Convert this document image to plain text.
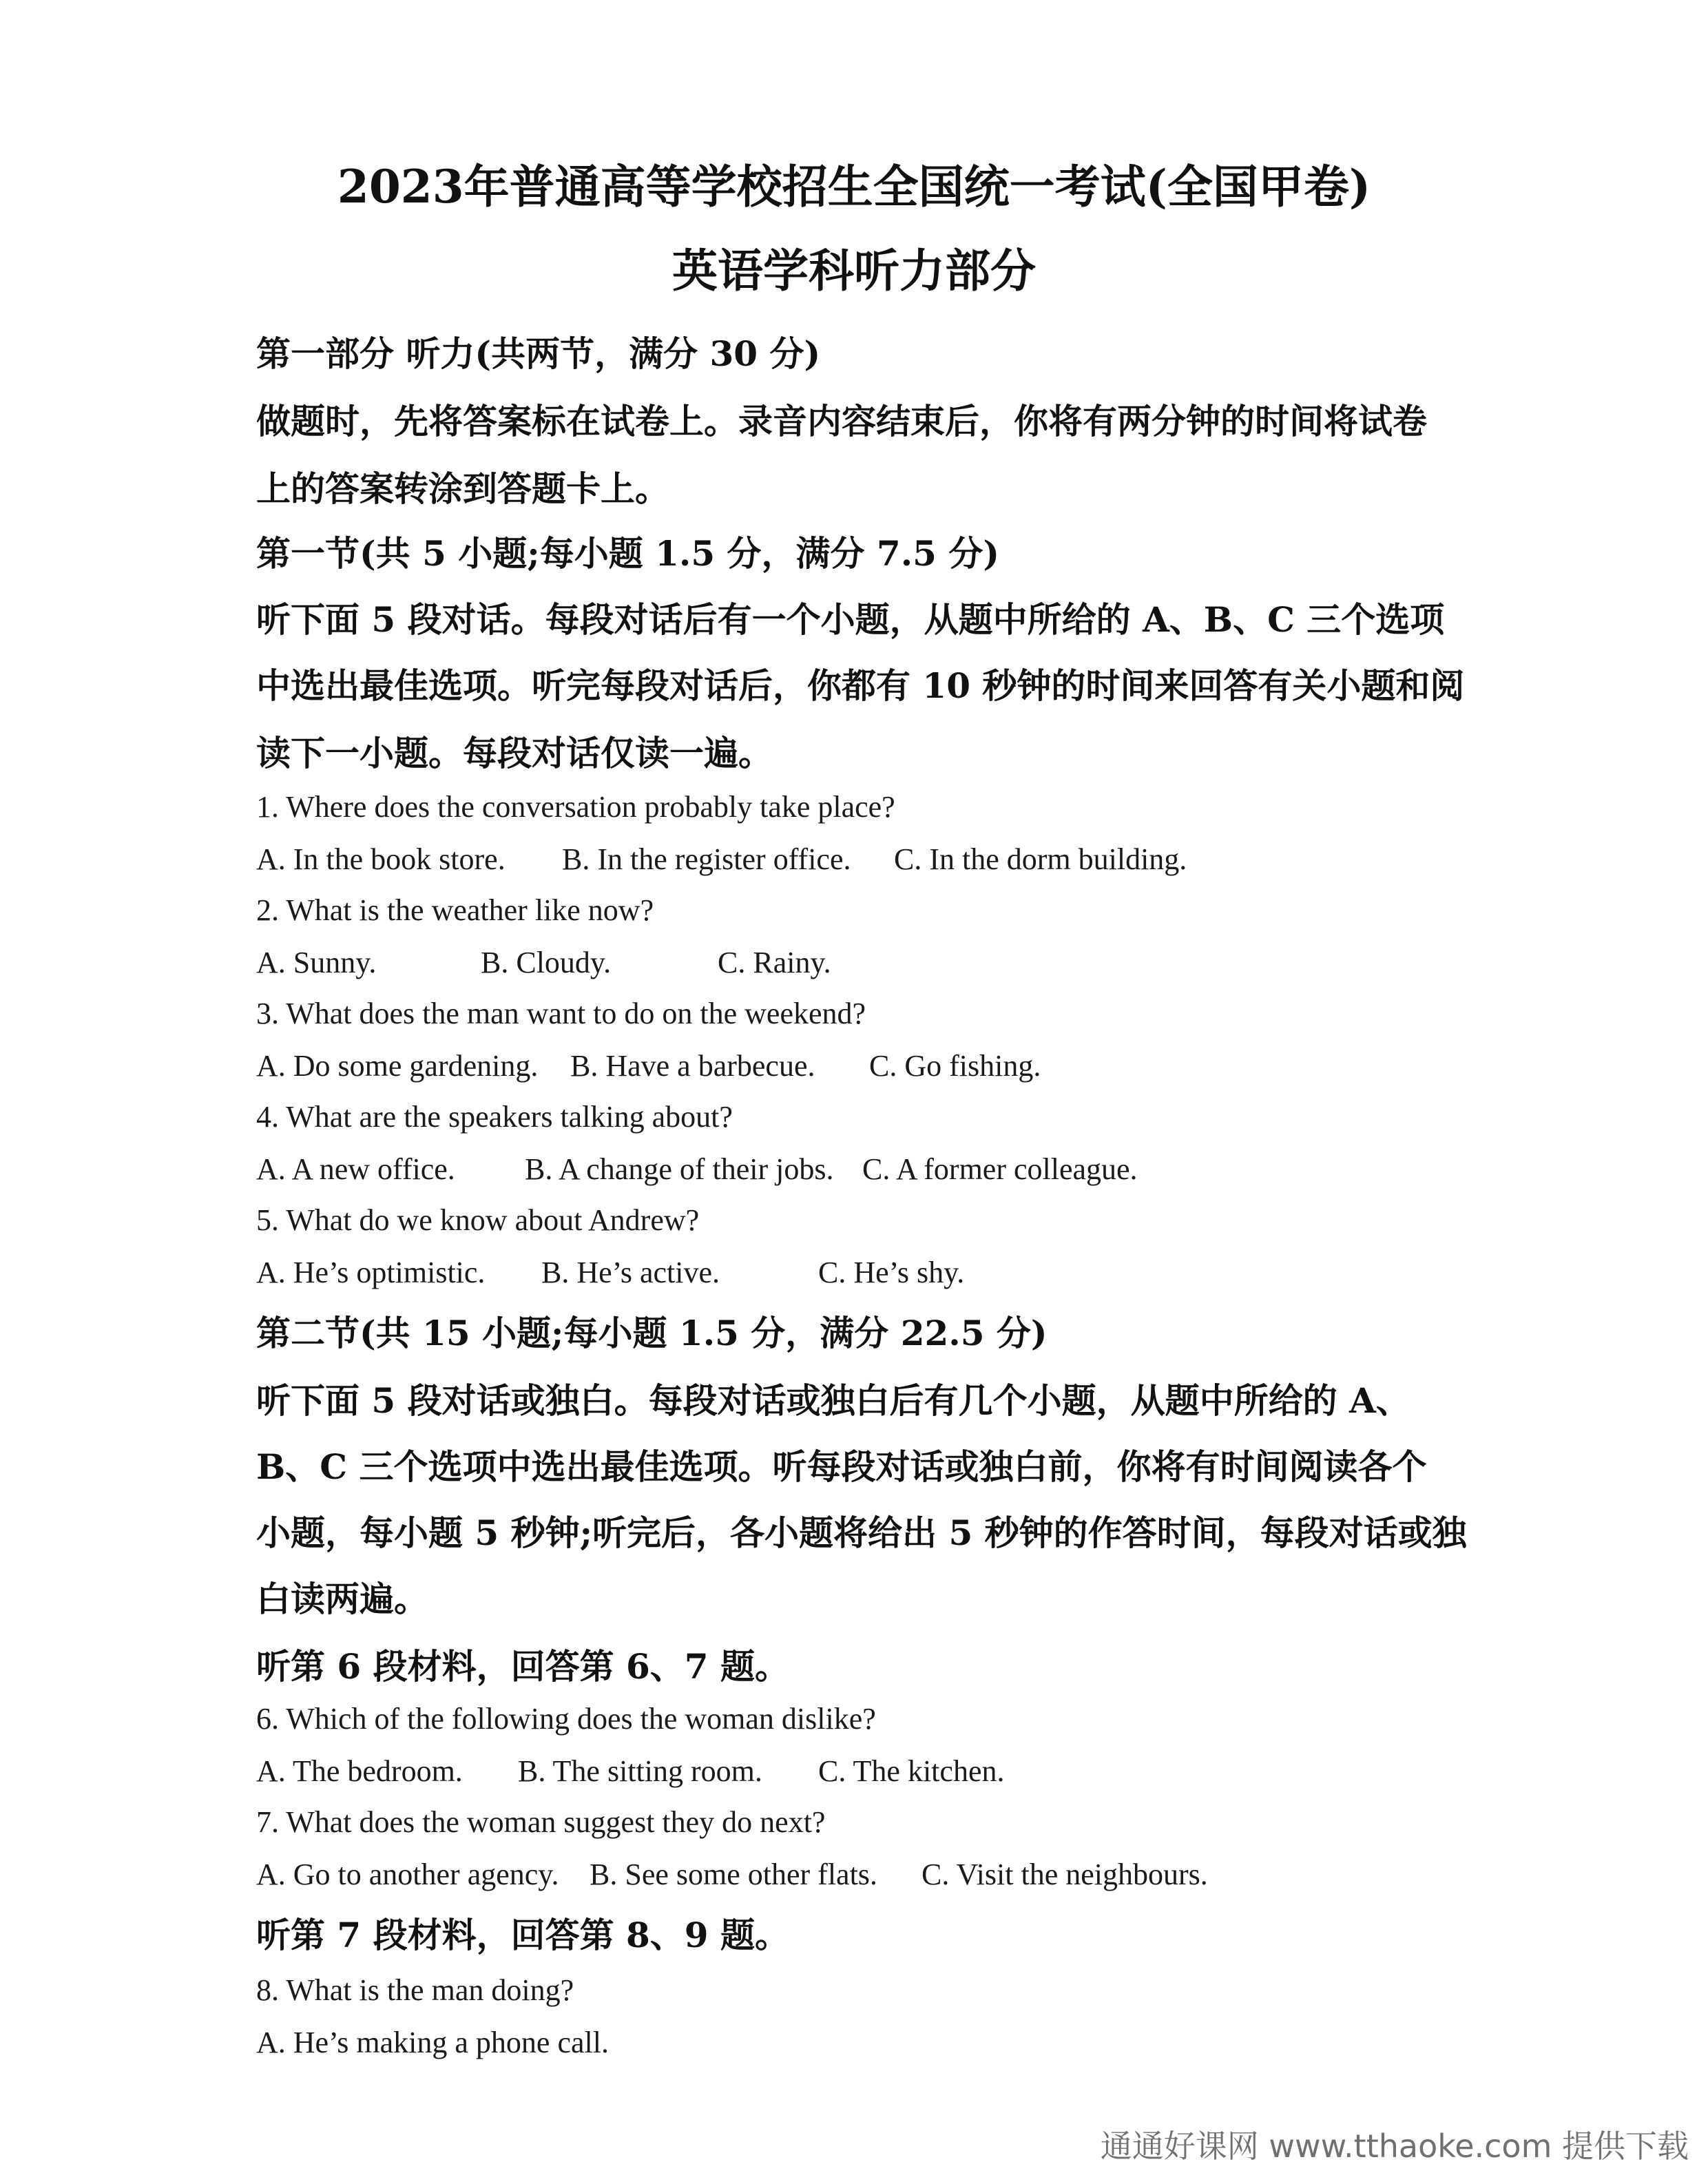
2023年普通高等学校招生全国统一考试(全国甲卷)
英语学科听力部分
第一部分 听力(共两节，满分 30 分)
做题时，先将答案标在试卷上。录音内容结束后，你将有两分钟的时间将试卷
上的答案转涂到答题卡上。
第一节(共 5 小题;每小题 1.5 分，满分 7.5 分)
听下面 5 段对话。每段对话后有一个小题，从题中所给的 A、B、C 三个选项
中选出最佳选项。听完每段对话后，你都有 10 秒钟的时间来回答有关小题和阅
读下一小题。每段对话仅读一遍。
1. Where does the conversation probably take place?
A. In the book store. B. In the register office. C. In the dorm building.
2. What is the weather like now?
A. Sunny.	B. Cloudy.	C. Rainy.
3. What does the man want to do on the weekend?
A. Do some gardening. B. Have a barbecue. C. Go fishing.
4. What are the speakers talking about?
A. A new office. B. A change of their jobs. C. A former colleague.
5. What do we know about Andrew?
A. He’s optimistic. B. He’s active.	C. He’s shy.
第二节(共 15 小题;每小题 1.5 分，满分 22.5 分)
听下面 5 段对话或独白。每段对话或独白后有几个小题，从题中所给的 A、
B、C 三个选项中选出最佳选项。听每段对话或独白前，你将有时间阅读各个
小题，每小题 5 秒钟;听完后，各小题将给出 5 秒钟的作答时间，每段对话或独
白读两遍。
听第 6 段材料，回答第 6、7 题。
6. Which of the following does the woman dislike?
A. The bedroom. B. The sitting room. C. The kitchen.
7. What does the woman suggest they do next?
A. Go to another agency. B. See some other flats. C. Visit the neighbours.
听第 7 段材料，回答第 8、9 题。
8. What is the man doing?
A. He’s making a phone call.
通通好课网 www.tthaoke.com 提供下载
